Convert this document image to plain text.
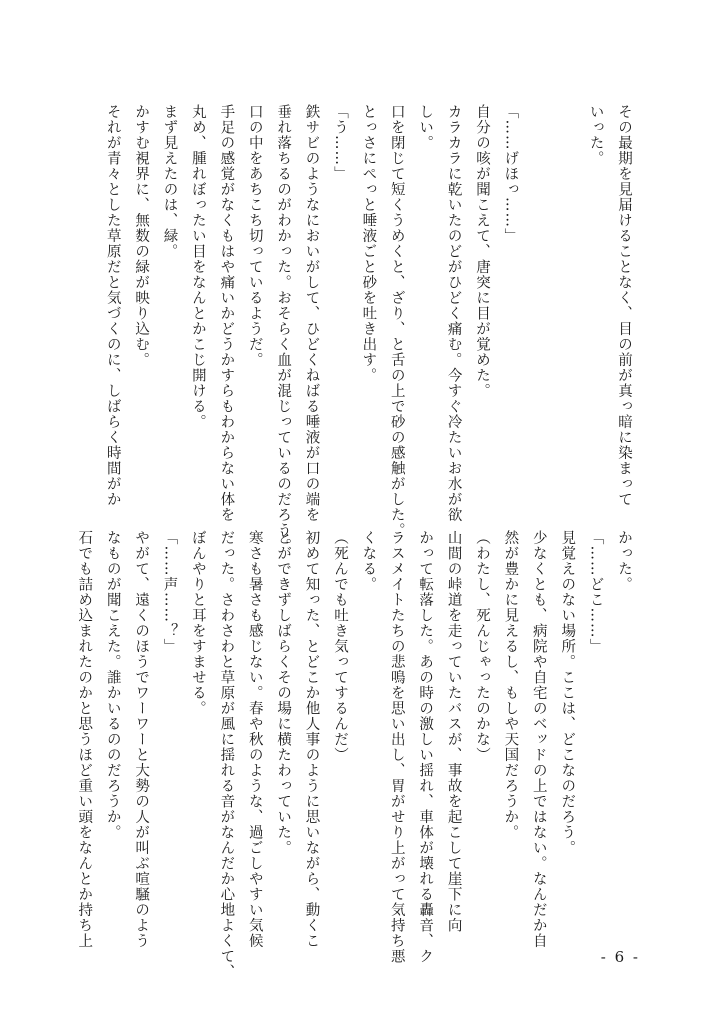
その最期を見届けることなく、目の前が真っ暗に染まって
いった。

「……げほっ……」
自分の咳が聞こえて、唐突に目が覚めた。
カラカラに乾いたのどがひどく痛む。今すぐ冷たいお水が欲
しい。
口を閉じて短くうめくと、ざり、と舌の上で砂の感触がした。
とっさにぺっと唾液ごと砂を吐き出す。
「う……」
鉄サビのようなにおいがして、ひどくねばる唾液が口の端を
垂れ落ちるのがわかった。おそらく血が混じっているのだろう。
口の中をあちこち切っているようだ。
手足の感覚がなくもはや痛いかどうかすらもわからない体を
丸め、腫れぼったい目をなんとかこじ開ける。
まず見えたのは、緑。
かすむ視界に、無数の緑が映り込む。
それが青々とした草原だと気づくのに、しばらく時間がか
かった。
「……どこ……」
見覚えのない場所。ここは、どこなのだろう。
少なくとも、病院や自宅のベッドの上ではない。なんだか自
然が豊かに見えるし、もしや天国だろうか。
（わたし、死んじゃったのかな）
山間の峠道を走っていたバスが、事故を起こして崖下に向
かって転落した。あの時の激しい揺れ、車体が壊れる轟音、ク
ラスメイトたちの悲鳴を思い出し、胃がせり上がって気持ち悪
くなる。
（死んでも吐き気ってするんだ）
初めて知った、とどこか他人事のように思いながら、動くこ
とができずしばらくその場に横たわっていた。
寒さも暑さも感じない。春や秋のような、過ごしやすい気候
だった。さわさわと草原が風に揺れる音がなんだか心地よくて、
ぼんやりと耳をすませる。
「……声……？」
やがて、遠くのほうでワーワーと大勢の人が叫ぶ喧騒のよう
なものが聞こえた。誰かいるののだろうか。
石でも詰め込まれたのかと思うほど重い頭をなんとか持ち上
- 6 -
